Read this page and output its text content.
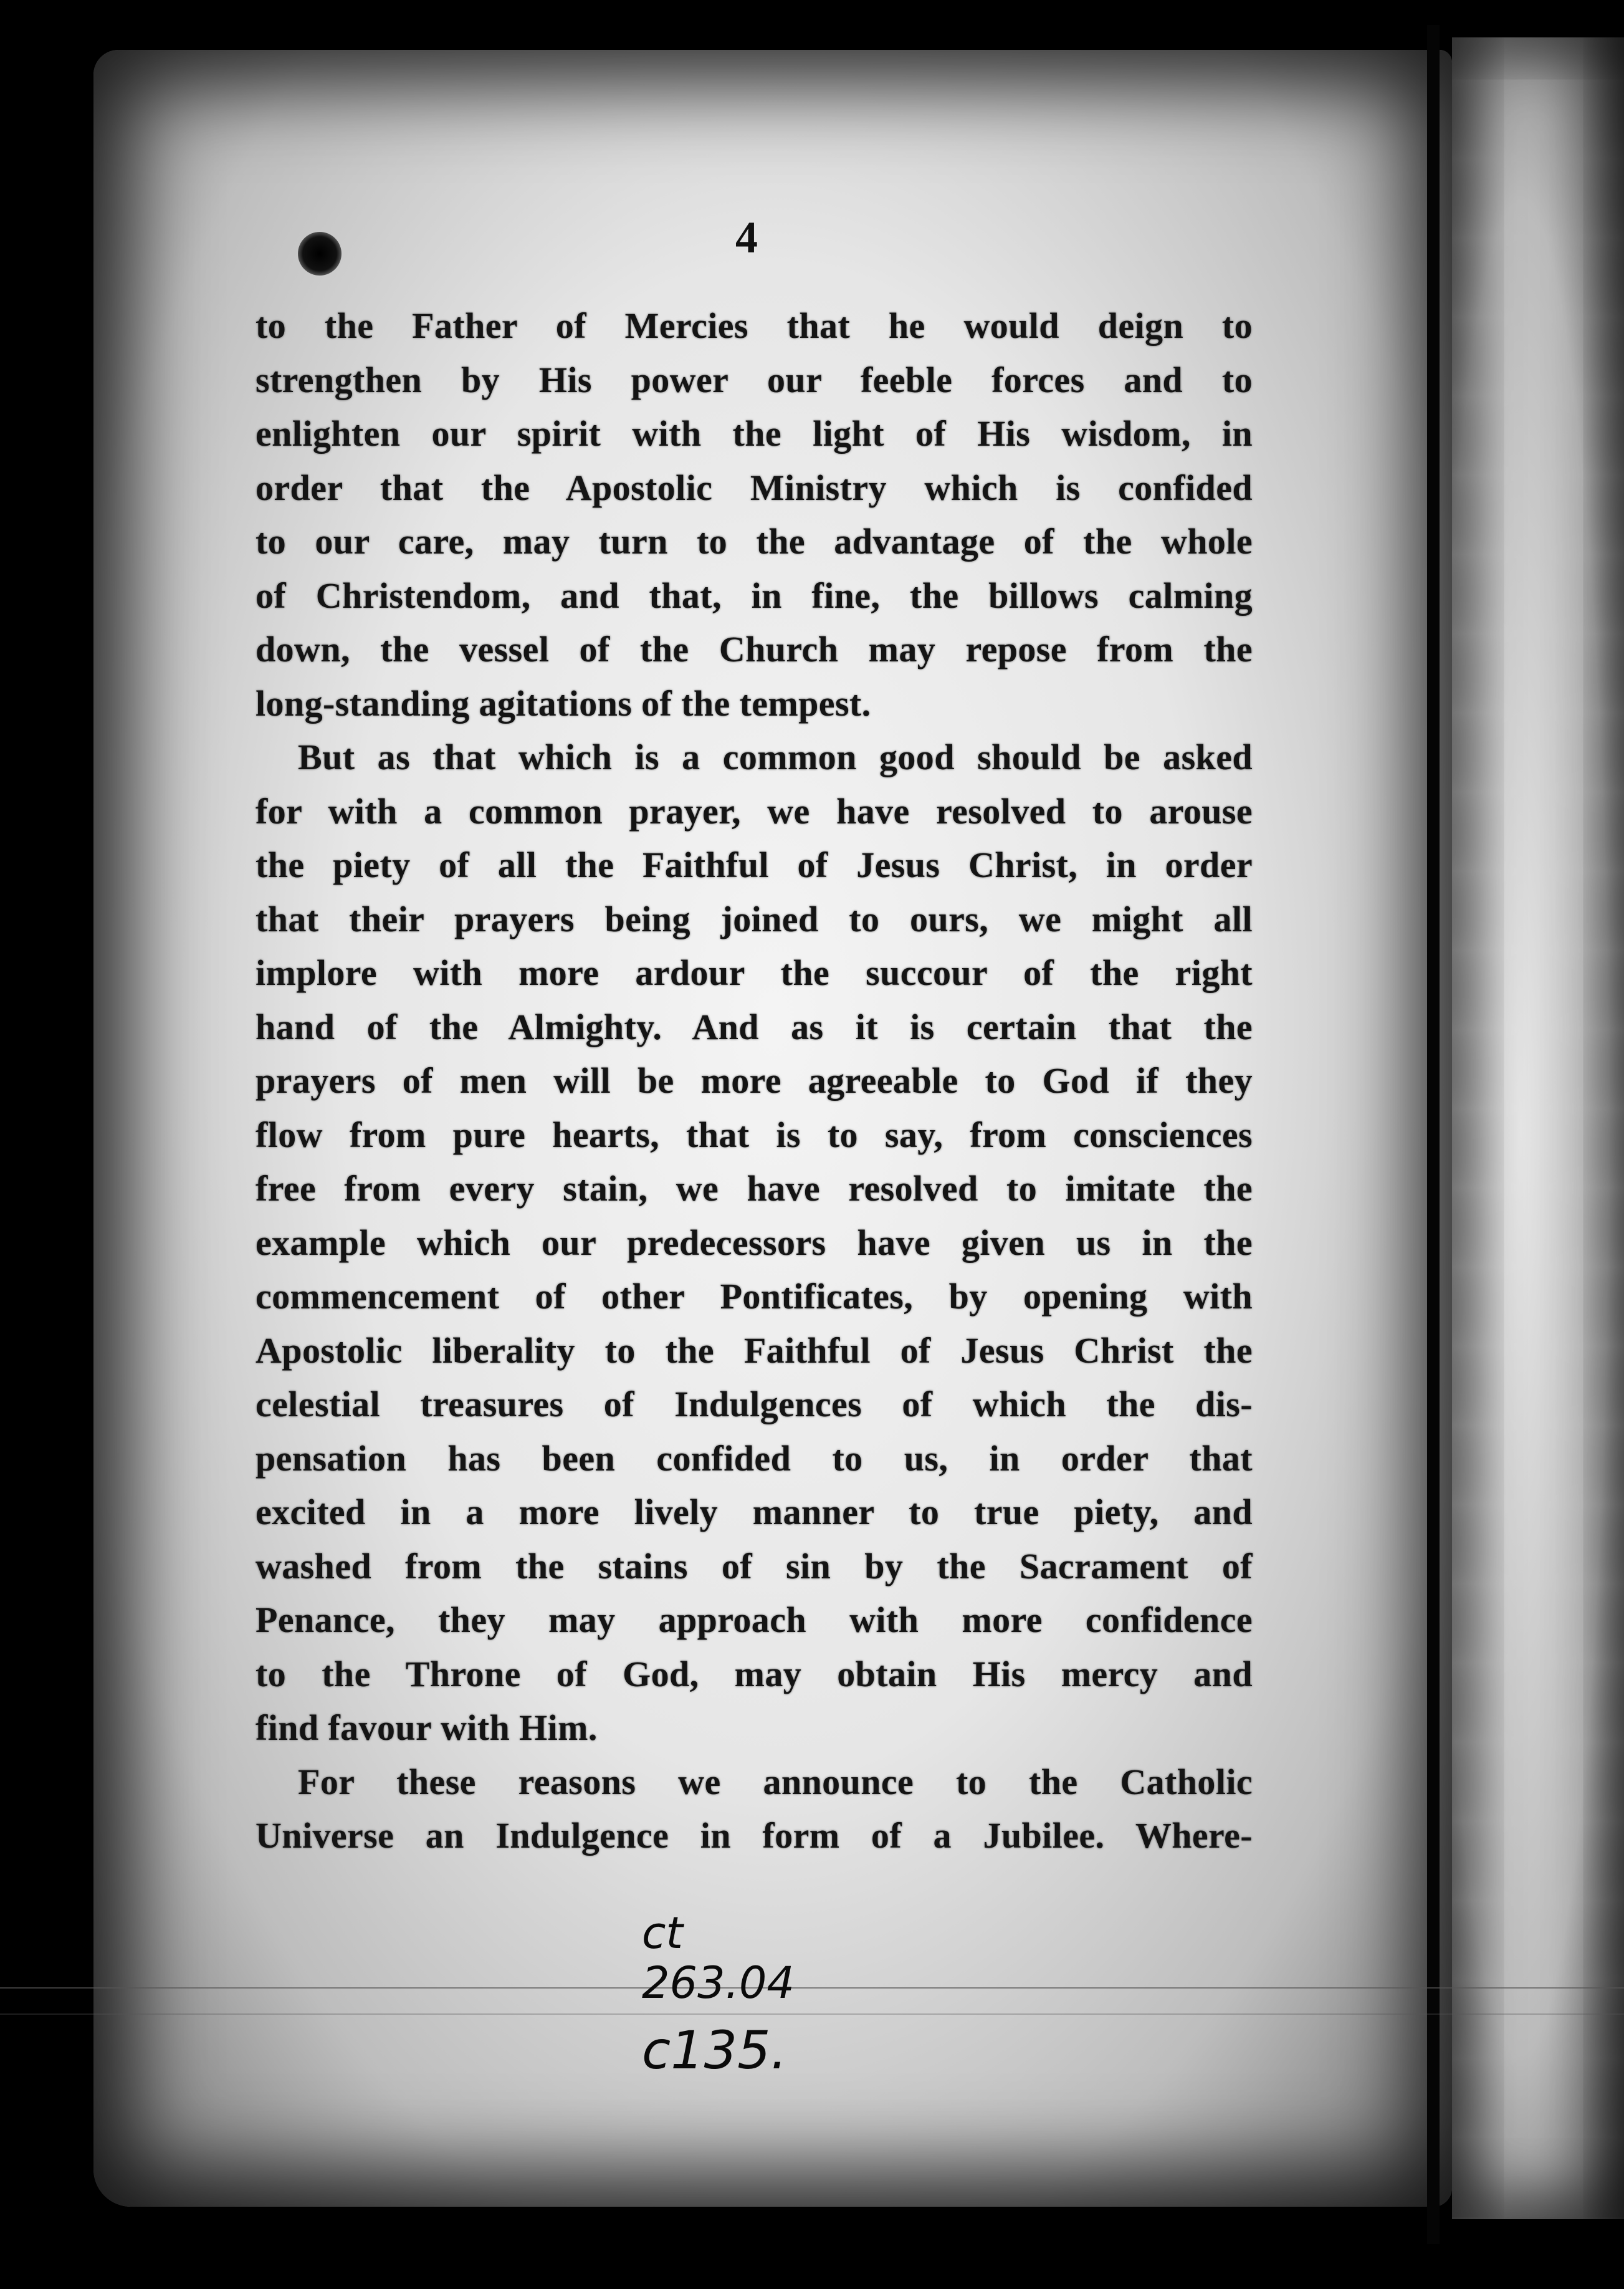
4

to the Father of Mercies that he would deign to

strengthen by His power our feeble forces and to

enlighten our spirit with the light of His wisdom, in

order that the Apostolic Ministry which is confided

to our care, may turn to the advantage of the whole

of Christendom, and that, in fine, the billows calming

down, the vessel of the Church may repose from the

long-standing agitations of the tempest.

But as that which is a common good should be asked

for with a common prayer, we have resolved to arouse

the piety of all the Faithful of Jesus Christ, in order

that their prayers being joined to ours, we might all

implore with more ardour the succour of the right

hand of the Almighty. And as it is certain that the

prayers of men will be more agreeable to God if they

flow from pure hearts, that is to say, from consciences

free from every stain, we have resolved to imitate the

example which our predecessors have given us in the

commencement of other Pontificates, by opening with

Apostolic liberality to the Faithful of Jesus Christ the

celestial treasures of Indulgences of which the dis-

pensation has been confided to us, in order that

excited in a more lively manner to true piety, and

washed from the stains of sin by the Sacrament of

Penance, they may approach with more confidence

to the Throne of God, may obtain His mercy and

find favour with Him.

For these reasons we announce to the Catholic

Universe an Indulgence in form of a Jubilee. Where-

ct
263.04
c135.
